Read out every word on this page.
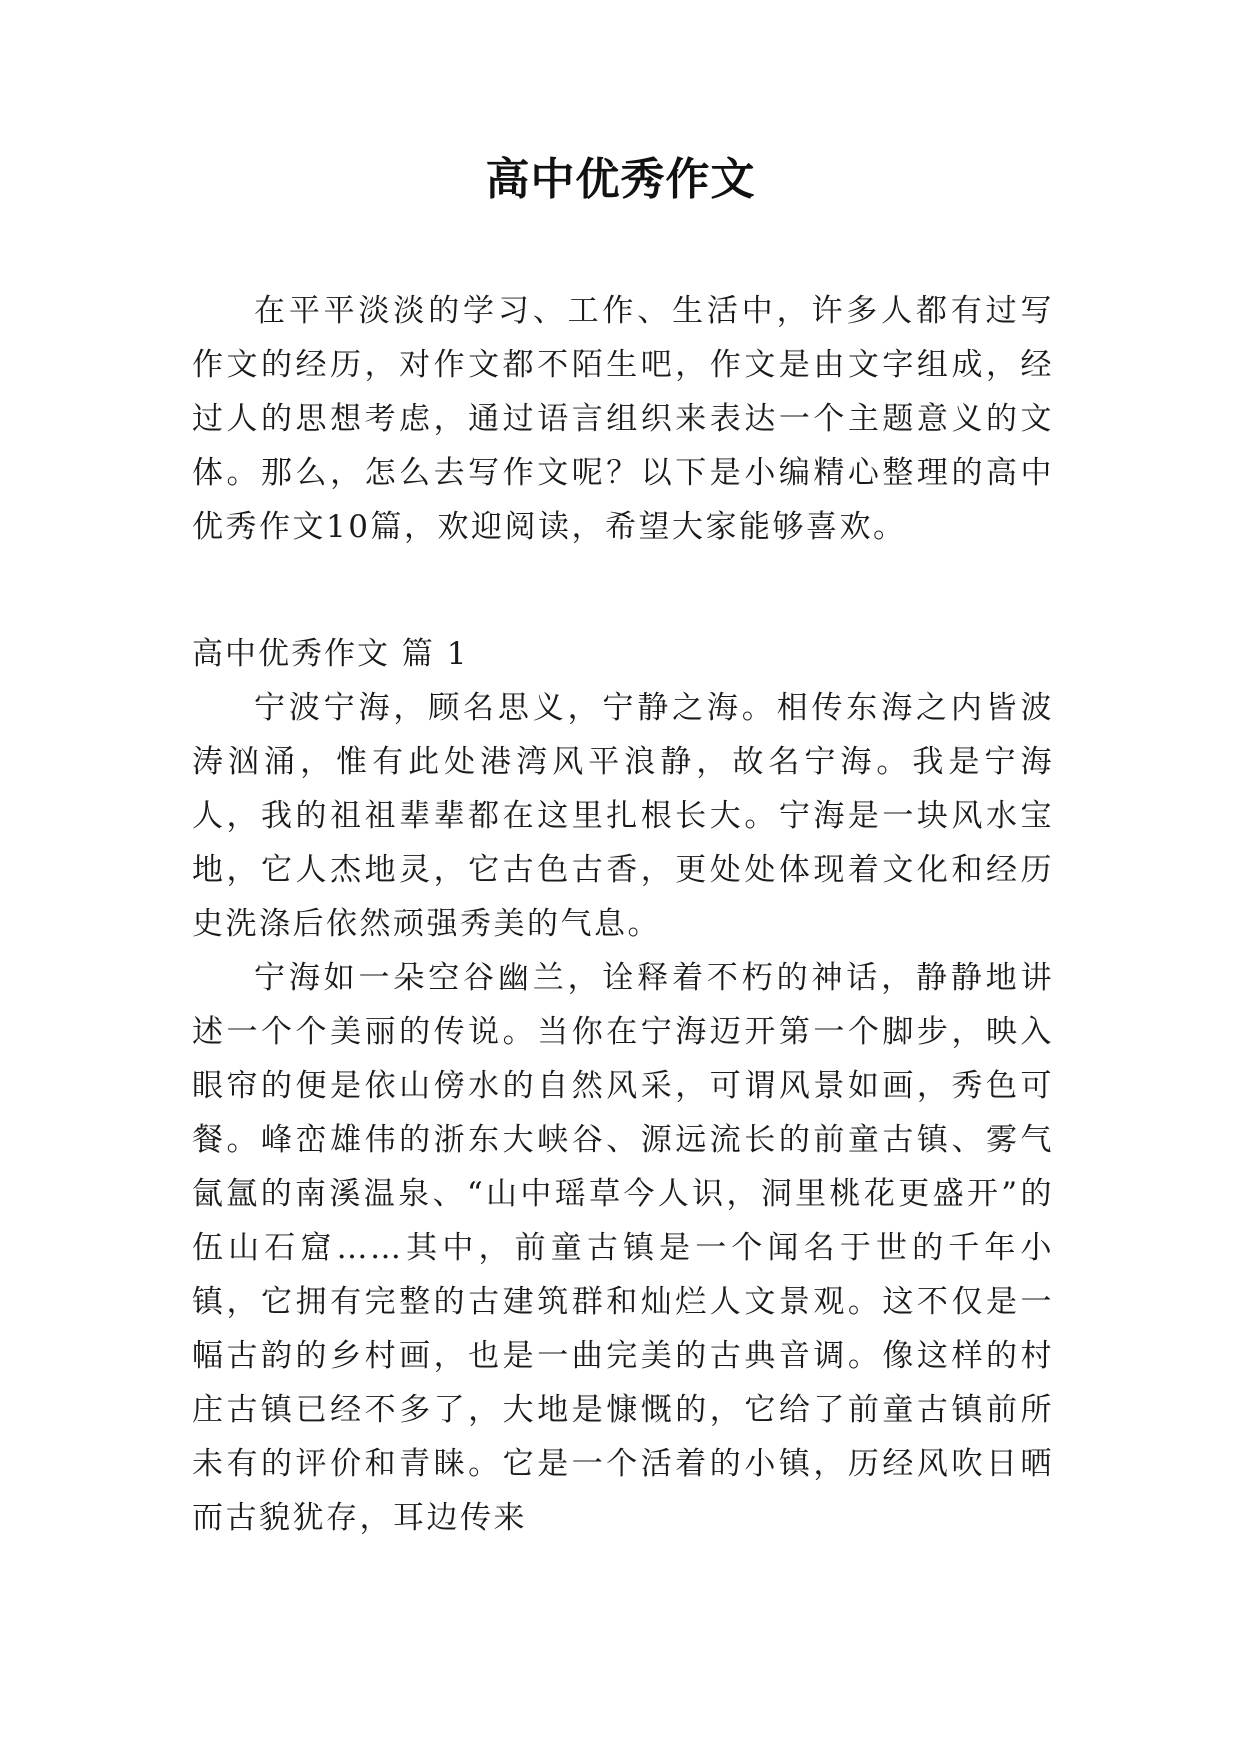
高中优秀作文

在平平淡淡的学习、工作、生活中，许多人都有过写作文的经历，对作文都不陌生吧，作文是由文字组成，经过人的思想考虑，通过语言组织来表达一个主题意义的文体。那么，怎么去写作文呢？以下是小编精心整理的高中优秀作文10篇，欢迎阅读，希望大家能够喜欢。

高中优秀作文 篇 1

宁波宁海，顾名思义，宁静之海。相传东海之内皆波涛汹涌，惟有此处港湾风平浪静，故名宁海。我是宁海人，我的祖祖辈辈都在这里扎根长大。宁海是一块风水宝地，它人杰地灵，它古色古香，更处处体现着文化和经历史洗涤后依然顽强秀美的气息。

宁海如一朵空谷幽兰，诠释着不朽的神话，静静地讲述一个个美丽的传说。当你在宁海迈开第一个脚步，映入眼帘的便是依山傍水的自然风采，可谓风景如画，秀色可餐。峰峦雄伟的浙东大峡谷、源远流长的前童古镇、雾气氤氲的南溪温泉、“山中瑶草今人识，洞里桃花更盛开”的伍山石窟……其中，前童古镇是一个闻名于世的千年小镇，它拥有完整的古建筑群和灿烂人文景观。这不仅是一幅古韵的乡村画，也是一曲完美的古典音调。像这样的村庄古镇已经不多了，大地是慷慨的，它给了前童古镇前所未有的评价和青睐。它是一个活着的小镇，历经风吹日晒而古貌犹存，耳边传来
